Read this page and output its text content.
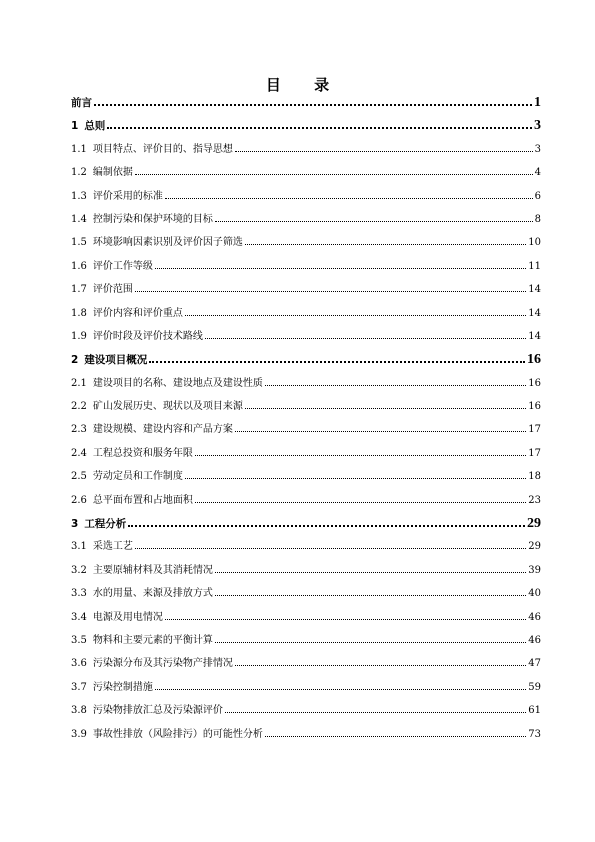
目 录
前言	1
1 总则	3
1.1 项目特点、评价目的、指导思想	3
1.2 编制依据	4
1.3 评价采用的标准	6
1.4 控制污染和保护环境的目标	8
1.5 环境影响因素识别及评价因子筛选	10
1.6 评价工作等级	11
1.7 评价范围	14
1.8 评价内容和评价重点	14
1.9 评价时段及评价技术路线	14
2 建设项目概况	16
2.1 建设项目的名称、建设地点及建设性质	16
2.2 矿山发展历史、现状以及项目来源	16
2.3 建设规模、建设内容和产品方案	17
2.4 工程总投资和服务年限	17
2.5 劳动定员和工作制度	18
2.6 总平面布置和占地面积	23
3 工程分析	29
3.1 采选工艺	29
3.2 主要原辅材料及其消耗情况	39
3.3 水的用量、来源及排放方式	40
3.4 电源及用电情况	46
3.5 物料和主要元素的平衡计算	46
3.6 污染源分布及其污染物产排情况	47
3.7 污染控制措施	59
3.8 污染物排放汇总及污染源评价	61
3.9 事故性排放（风险排污）的可能性分析	73
